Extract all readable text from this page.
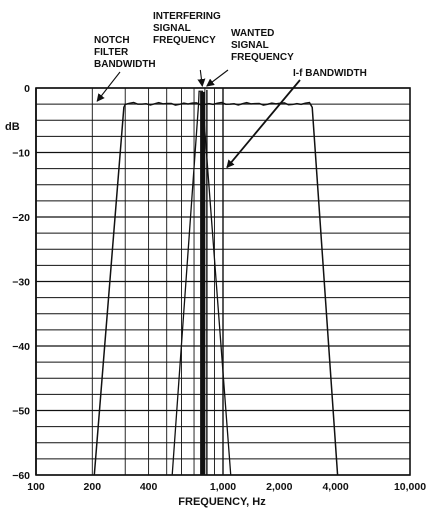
0
−10
−20
−30
−40
−50
−60
100	200	400	1,000	2,000	4,000	10,000
dB
FREQUENCY, Hz
NOTCH FILTER BANDWIDTH
INTERFERING SIGNAL FREQUENCY
WANTED SIGNAL FREQUENCY
I-f BANDWIDTH
